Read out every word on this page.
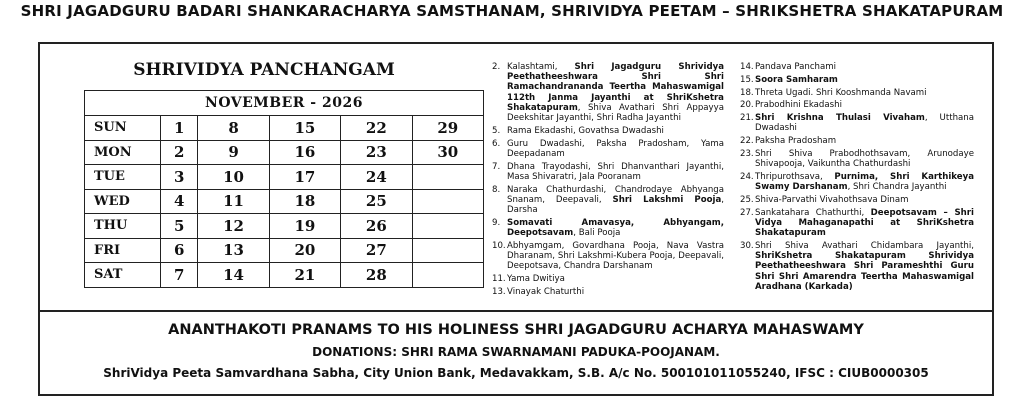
SHRI JAGADGURU BADARI SHANKARACHARYA SAMSTHANAM, SHRIVIDYA PEETAM – SHRIKSHETRA SHAKATAPURAM
SHRIVIDYA PANCHANGAM
NOVEMBER - 2026					
SUN	1	8	15	22	29
MON	2	9	16	23	30
TUE	3	10	17	24	
WED	4	11	18	25	
THU	5	12	19	26	
FRI	6	13	20	27	
SAT	7	14	21	28	
2. Kalashtami, Shri Jagadguru Shrividya Peethatheeshwara Shri Shri Ramachandrananda Teertha Mahaswamigal 112th Janma Jayanthi at ShriKshetra Shakatapuram, Shiva Avathari Shri Appayya Deekshitar Jayanthi, Shri Radha Jayanthi
5. Rama Ekadashi, Govathsa Dwadashi
6. Guru Dwadashi, Paksha Pradosham, Yama Deepadanam
7. Dhana Trayodashi, Shri Dhanvanthari Jayanthi, Masa Shivaratri, Jala Pooranam
8. Naraka Chathurdashi, Chandrodaye Abhyanga Snanam, Deepavali, Shri Lakshmi Pooja, Darsha
9. Somavati Amavasya, Abhyangam, Deepotsavam, Bali Pooja
10. Abhyamgam, Govardhana Pooja, Nava Vastra Dharanam, Shri Lakshmi-Kubera Pooja, Deepavali, Deepotsava, Chandra Darshanam
11. Yama Dwitiya
13. Vinayak Chaturthi
14. Pandava Panchami
15. Soora Samharam
18. Threta Ugadi. Shri Kooshmanda Navami
20. Prabodhini Ekadashi
21. Shri Krishna Thulasi Vivaham, Utthana Dwadashi
22. Paksha Pradosham
23. Shri Shiva Prabodhothsavam, Arunodaye Shivapooja, Vaikuntha Chathurdashi
24. Thripurothsava, Purnima, Shri Karthikeya Swamy Darshanam, Shri Chandra Jayanthi
25. Shiva-Parvathi Vivahothsava Dinam
27. Sankatahara Chathurthi, Deepotsavam – Shri Vidya Mahaganapathi at ShriKshetra Shakatapuram
30. Shri Shiva Avathari Chidambara Jayanthi, ShriKshetra Shakatapuram Shrividya Peethatheeshwara Shri Parameshthi Guru Shri Shri Amarendra Teertha Mahaswamigal Aradhana (Karkada)
ANANTHAKOTI PRANAMS TO HIS HOLINESS SHRI JAGADGURU ACHARYA MAHASWAMY
DONATIONS: SHRI RAMA SWARNAMANI PADUKA-POOJANAM.
ShriVidya Peeta Samvardhana Sabha, City Union Bank, Medavakkam, S.B. A/c No. 500101011055240, IFSC : CIUB0000305
